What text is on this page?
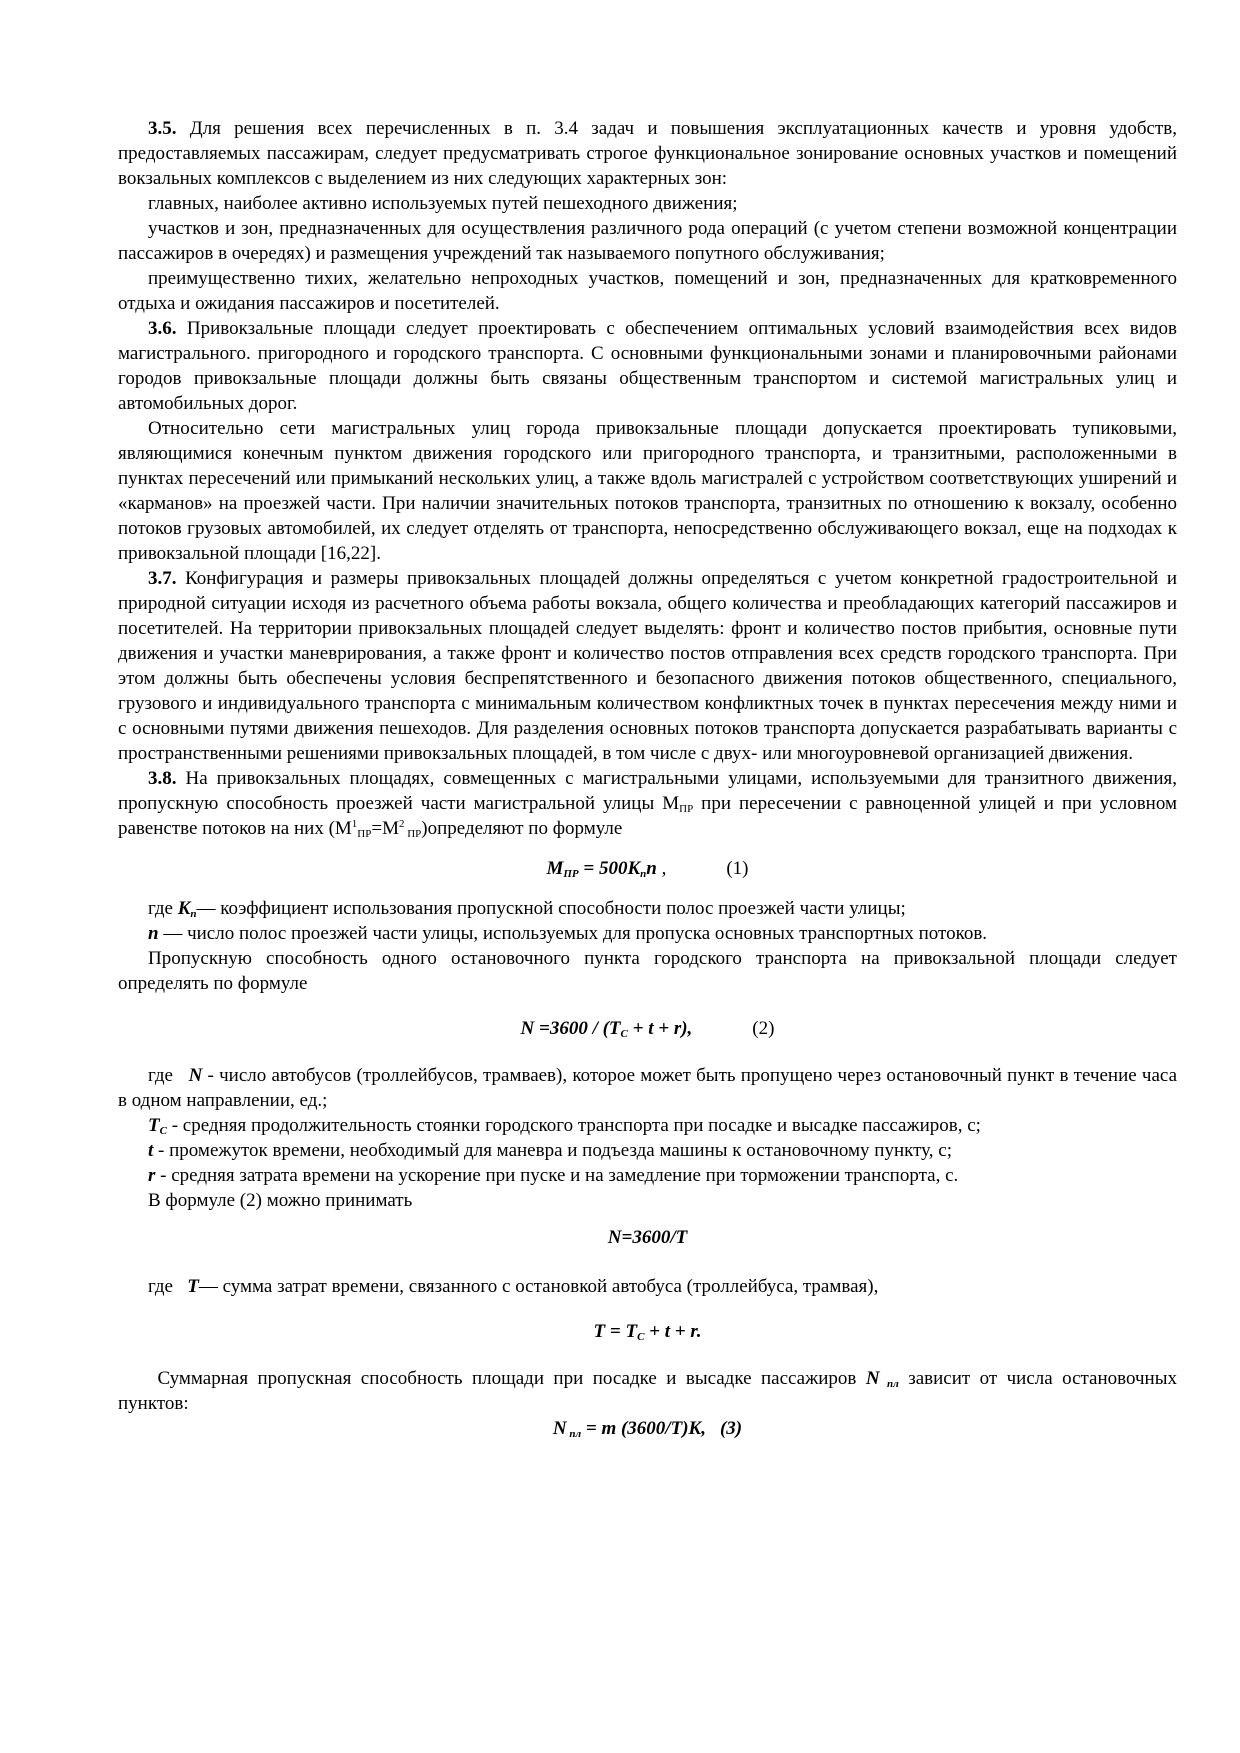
3.5. Для решения всех перечисленных в п. 3.4 задач и повышения эксплуатационных качеств и уровня удобств, предоставляемых пассажирам, следует предусматривать строгое функциональное зонирование основных участков и помещений вокзальных комплексов с выделением из них следующих характерных зон:

главных, наиболее активно используемых путей пешеходного движения;

участков и зон, предназначенных для осуществления различного рода операций (с учетом степени возможной концентрации пассажиров в очередях) и размещения учреждений так называемого попутного обслуживания;

преимущественно тихих, желательно непроходных участков, помещений и зон, предназначенных для кратковременного отдыха и ожидания пассажиров и посетителей.

3.6. Привокзальные площади следует проектировать с обеспечением оптимальных условий взаимодействия всех видов магистрального. пригородного и городского транспорта. С основными функциональными зонами и планировочными районами городов привокзальные площади должны быть связаны общественным транспортом и системой магистральных улиц и автомобильных дорог.

Относительно сети магистральных улиц города привокзальные площади допускается проектировать тупиковыми, являющимися конечным пунктом движения городского или пригородного транспорта, и транзитными, расположенными в пунктах пересечений или примыканий нескольких улиц, а также вдоль магистралей с устройством соответствующих уширений и «карманов» на проезжей части. При наличии значительных потоков транспорта, транзитных по отношению к вокзалу, особенно потоков грузовых автомобилей, их следует отделять от транспорта, непосредственно обслуживающего вокзал, еще на подходах к привокзальной площади [16,22].

3.7. Конфигурация и размеры привокзальных площадей должны определяться с учетом конкретной градостроительной и природной ситуации исходя из расчетного объема работы вокзала, общего количества и преобладающих категорий пассажиров и посетителей. На территории привокзальных площадей следует выделять: фронт и количество постов прибытия, основные пути движения и участки маневрирования, а также фронт и количество постов отправления всех средств городского транспорта. При этом должны быть обеспечены условия беспрепятственного и безопасного движения потоков общественного, специального, грузового и индивидуального транспорта с минимальным количеством конфликтных точек в пунктах пересечения между ними и с основными путями движения пешеходов. Для разделения основных потоков транспорта допускается разрабатывать варианты с пространственными решениями привокзальных площадей, в том числе с двух- или многоуровневой организацией движения.

3.8. На привокзальных площадях, совмещенных с магистральными улицами, используемыми для транзитного движения, пропускную способность проезжей части магистральной улицы $М_{ПР}$ при пересечении с равноценной улицей и при условном равенстве потоков на них ($М^1_{ПР}=М^2$ $_{ПР}$)определяют по формуле

$М_{ПР} = 500K_nn$ ,	(1)

где $K_n—$ коэффициент использования пропускной способности полос проезжей части улицы;

n — число полос проезжей части улицы, используемых для пропуска основных транспортных потоков.

Пропускную способность одного остановочного пункта городского транспорта на привокзальной площади следует определять по формуле

$N =3600 / (T_C + t + r)$,	(2)

где   N - число автобусов (троллейбусов, трамваев), которое может быть пропущено через остановочный пункт в течение часа в одном направлении, ед.;

$T_C$ - средняя продолжительность стоянки городского транспорта при посадке и высадке пассажиров, с;

t - промежуток времени, необходимый для маневра и подъезда машины к остановочному пункту, с;

r - средняя затрата времени на ускорение при пуске и на замедление при торможении транспорта, с.

В формуле (2) можно принимать

N=3600/T

где   T— сумма затрат времени, связанного с остановкой автобуса (троллейбуса, трамвая),

$T = T_C + t + r$.

Суммарная пропускная способность площади при посадке и высадке пассажиров N $_{пл}$ зависит от числа остановочных пунктов:

N $_{пл}$ = m (3600/T)K, (3)
